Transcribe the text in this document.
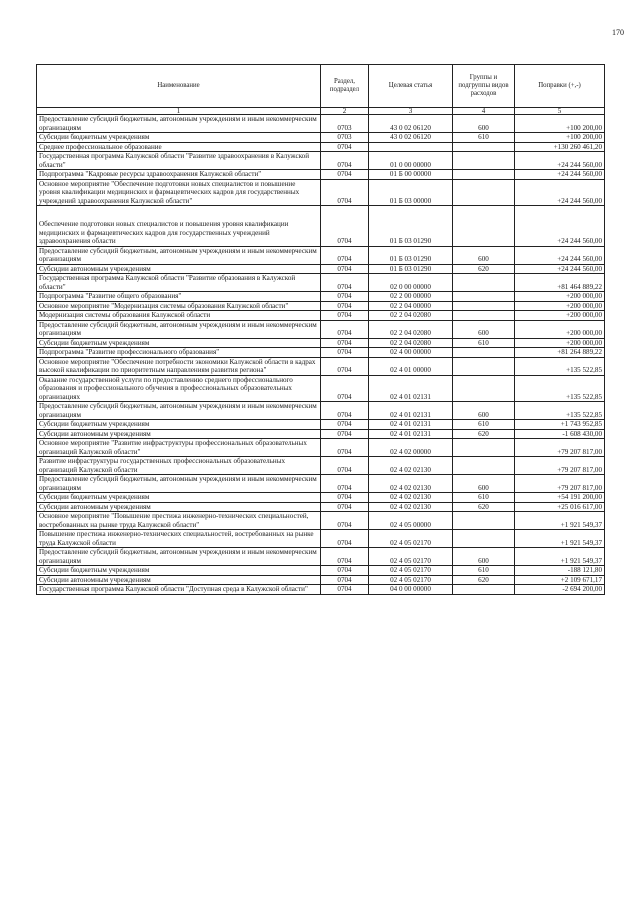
170
Наименование	Раздел, подраздел	Целевая статья	Группы и подгруппы видов расходов	Поправки (+,-)
1	2	3	4	5
Предоставление субсидий бюджетным, автономным учреждениям и иным некоммерческим организациям	0703	43 0 02 06120	600	+100 200,00
Субсидии бюджетным учреждениям	0703	43 0 02 06120	610	+100 200,00
Среднее профессиональное образование	0704			+130 260 461,20
Государственная программа Калужской области "Развитие здравоохранения в Калужской области"	0704	01 0 00 00000		+24 244 560,00
Подпрограмма "Кадровые ресурсы здравоохранения Калужской области"	0704	01 Б 00 00000		+24 244 560,00
Основное мероприятие "Обеспечение подготовки новых специалистов и повышение уровня квалификации медицинских и фармацевтических кадров для государственных учреждений здравоохранения Калужской области"	0704	01 Б 03 00000		+24 244 560,00
Обеспечение подготовки новых специалистов и повышения уровня квалификации медицинских и фармацевтических кадров для государственных учреждений здравоохранения области	0704	01 Б 03 01290		+24 244 560,00
Предоставление субсидий бюджетным, автономным учреждениям и иным некоммерческим организациям	0704	01 Б 03 01290	600	+24 244 560,00
Субсидии автономным учреждениям	0704	01 Б 03 01290	620	+24 244 560,00
Государственная программа Калужской области "Развитие образования в Калужской области"	0704	02 0 00 00000		+81 464 889,22
Подпрограмма "Развитие общего образования"	0704	02 2 00 00000		+200 000,00
Основное мероприятие "Модернизация системы образования Калужской области"	0704	02 2 04 00000		+200 000,00
Модернизация системы образования Калужской области	0704	02 2 04 02080		+200 000,00
Предоставление субсидий бюджетным, автономным учреждениям и иным некоммерческим организациям	0704	02 2 04 02080	600	+200 000,00
Субсидии бюджетным учреждениям	0704	02 2 04 02080	610	+200 000,00
Подпрограмма "Развитие профессионального образования"	0704	02 4 00 00000		+81 264 889,22
Основное мероприятие "Обеспечение потребности экономики Калужской области в кадрах высокой квалификации по приоритетным направлениям развития региона"	0704	02 4 01 00000		+135 522,85
Оказание государственной услуги по предоставлению среднего профессионального образования и профессионального обучения в профессиональных образовательных организациях	0704	02 4 01 02131		+135 522,85
Предоставление субсидий бюджетным, автономным учреждениям и иным некоммерческим организациям	0704	02 4 01 02131	600	+135 522,85
Субсидии бюджетным учреждениям	0704	02 4 01 02131	610	+1 743 952,85
Субсидии автономным учреждениям	0704	02 4 01 02131	620	-1 608 430,00
Основное мероприятие "Развитие инфраструктуры профессиональных образовательных организаций Калужской области"	0704	02 4 02 00000		+79 207 817,00
Развитие инфраструктуры государственных профессиональных образовательных организаций Калужской области	0704	02 4 02 02130		+79 207 817,00
Предоставление субсидий бюджетным, автономным учреждениям и иным некоммерческим организациям	0704	02 4 02 02130	600	+79 207 817,00
Субсидии бюджетным учреждениям	0704	02 4 02 02130	610	+54 191 200,00
Субсидии автономным учреждениям	0704	02 4 02 02130	620	+25 016 617,00
Основное мероприятие "Повышение престижа инженерно-технических специальностей, востребованных на рынке труда Калужской области"	0704	02 4 05 00000		+1 921 549,37
Повышение престижа инженерно-технических специальностей, востребованных на рынке труда Калужской области	0704	02 4 05 02170		+1 921 549,37
Предоставление субсидий бюджетным, автономным учреждениям и иным некоммерческим организациям	0704	02 4 05 02170	600	+1 921 549,37
Субсидии бюджетным учреждениям	0704	02 4 05 02170	610	-188 121,80
Субсидии автономным учреждениям	0704	02 4 05 02170	620	+2 109 671,17
Государственная программа Калужской области "Доступная среда в Калужской области"	0704	04 0 00 00000		-2 694 200,00
